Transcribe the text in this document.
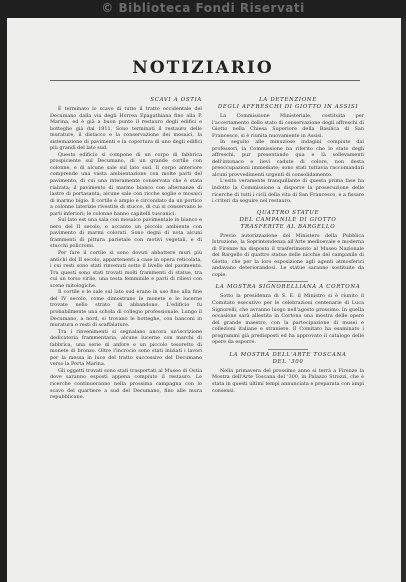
© Biblioteca Fondi Riservati
NOTIZIARIO
SCAVI A OSTIA

È terminato lo scavo di tutto il tratto occidentale del Decumano dalla via degli Horrea Epagathiana fino alla P. Marina, ed è già a buon punto il restauro degli edifici e botteghe già dal 1911. Sono terminati il restauro delle murature, il distacco e la conservazione dei mosaici, la sistemazione di pavimenti e la copertura di uno degli edifici più grandi del lato sud.

Questo edificio si compone di un corpo di fabbrica prospiciente sul Decumano, di un grande cortile con colonne, e di alcune sale sul lato sud. Il corpo anteriore comprende una vasta ambientazione con molte parti del pavimento, di cui una interamente conservata che è stata rialzata; il pavimento di marmo bianco con alternanze di lastre di portasanta, alcune sale con ricche soglie e mosaici di marmo bigio. Il cortile è ampio e circondato da un portico a colonne laterizie rivestite di stucco, di cui si conservano le parti inferiori; le colonne hanno capitelli tuscanici.

Sul lato est una sala con mosaico pavimentale in bianco e nero del II secolo, e accanto un piccolo ambiente con pavimento di marmi colorati. Sono degni di nota alcuni frammenti di pittura parietale con motivi vegetali, e di stucchi policromi.

Per fare il cortile si sono dovuti abbattere muri più antichi del II secolo, appartenenti a case in opera reticolata, i cui resti sono stati rinvenuti sotto il livello del pavimento. Tra questi sono stati trovati molti frammenti di statue, tra cui un torso virile, una testa femminile e parti di rilievi con scene mitologiche.

Il cortile e le sale sul lato sud erano in uso fino alla fine del IV secolo, come dimostrano le monete e le lucerne trovate nello strato di abbandono. L'edificio fu probabilmente una schola di collegio professionale. Lungo il Decumano, a nord, si trovano le botteghe, con banconi in muratura e resti di scaffalature.

Tra i rinvenimenti si segnalano ancora un'iscrizione dedicatoria frammentaria, alcune lucerne con marchi di fabbrica, una serie di anfore e un piccolo tesoretto di monete di bronzo. Oltre l'incrocio sono stati iniziati i lavori per la messa in luce del tratto successivo del Decumano verso la Porta Marina.

Gli oggetti trovati sono stati trasportati al Museo di Ostia dove saranno esposti appena compiuto il restauro. Le ricerche continueranno nella prossima campagna con lo scavo del quartiere a sud del Decumano, fino alle mura repubblicane.

LA DETENZIONE
DEGLI AFFRESCHI DI GIOTTO IN ASSISI

La Commissione Ministeriale, costituita per l'accertamento dello stato di conservazione degli affreschi di Giotto nella Chiesa Superiore della Basilica di San Francesco, si è riunita nuovamente in Assisi.

In seguito alle minuziose indagini compiute dai professori, la Commissione ha riferito che lo stato degli affreschi, pur presentando qua e là sollevamenti dell'intonaco e lievi cadute di colore, non desta preoccupazioni immediate; sono stati tuttavia raccomandati alcuni provvedimenti urgenti di consolidamento.

L'esito veramente tranquillante di questa prima fase ha indotto la Commissione a disporre la prosecuzione delle ricerche di tutti i cicli della vita di San Francesco, e a fissare i criteri da seguire nel restauro.

QUATTRO STATUE
DEL CAMPANILE DI GIOTTO
TRASFERITE AL BARGELLO

Previo autorizzazione del Ministero della Pubblica Istruzione, la Soprintendenza all'Arte medioevale e moderna di Firenze ha disposto il trasferimento al Museo Nazionale del Bargello di quattro statue delle nicchie del campanile di Giotto, che per la loro esposizione agli agenti atmosferici andavano deteriorandosi. Le statue saranno sostituite da copie.

LA MOSTRA SIGNORELLIANA A CORTONA

Sotto la presidenza di S. E. il Ministro si è riunito il Comitato esecutivo per le celebrazioni centenarie di Luca Signorelli, che avranno luogo nell'agosto prossimo. In quella occasione sarà allestita in Cortona una mostra delle opere del grande maestro, con la partecipazione di musei e collezioni italiane e straniere. Il Comitato ha esaminato i programmi già predisposti ed ha approvato il catalogo delle opere da esporre.

LA MOSTRA DELL'ARTE TOSCANA
DEL '300

Nella primavera del prossimo anno si terrà a Firenze la Mostra dell'Arte Toscana del '300, in Palazzo Strozzi, che è stata in questi ultimi tempi annunciata e preparata con ampi consensi.
